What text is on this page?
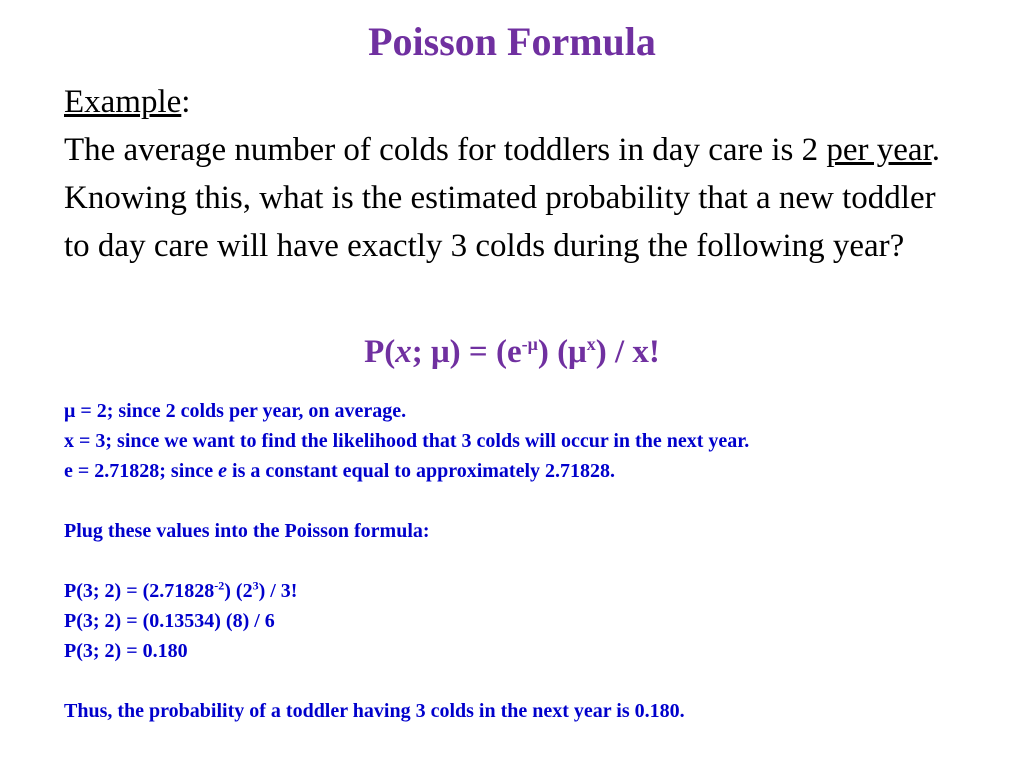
Poisson Formula
Example:
The average number of colds for toddlers in day care is 2 per year. Knowing this, what is the estimated probability that a new toddler to day care will have exactly 3 colds during the following year?
P(x; $\mu) = (e^{-\mu})$ $(\mu^x)$ / x!
μ = 2; since 2 colds per year, on average.
x = 3; since we want to find the likelihood that 3 colds will occur in the next year.
e = 2.71828; since e is a constant equal to approximately 2.71828.
Plug these values into the Poisson formula:
P(3; $2) = (2.71828^{-2})$ $(2^3) / 3$!
P(3; 2) = (0.13534) (8) / 6
P(3; 2) = 0.180
Thus, the probability of a toddler having 3 colds in the next year is 0.180.
